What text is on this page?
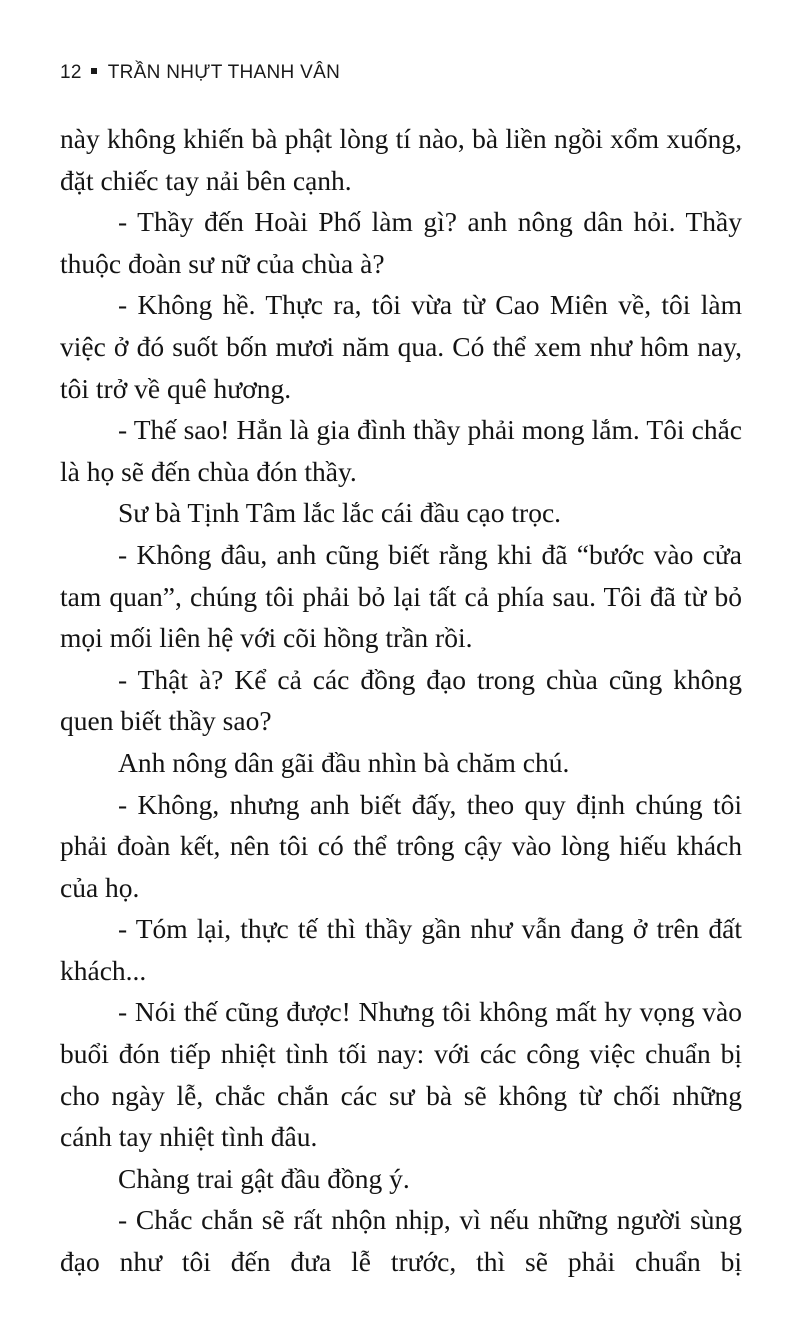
12 TRẦN NHỰT THANH VÂN

này không khiến bà phật lòng tí nào, bà liền ngồi xổm xuống, đặt chiếc tay nải bên cạnh.

- Thầy đến Hoài Phố làm gì? anh nông dân hỏi. Thầy thuộc đoàn sư nữ của chùa à?

- Không hề. Thực ra, tôi vừa từ Cao Miên về, tôi làm việc ở đó suốt bốn mươi năm qua. Có thể xem như hôm nay, tôi trở về quê hương.

- Thế sao! Hẳn là gia đình thầy phải mong lắm. Tôi chắc là họ sẽ đến chùa đón thầy.

Sư bà Tịnh Tâm lắc lắc cái đầu cạo trọc.

- Không đâu, anh cũng biết rằng khi đã “bước vào cửa tam quan”, chúng tôi phải bỏ lại tất cả phía sau. Tôi đã từ bỏ mọi mối liên hệ với cõi hồng trần rồi.

- Thật à? Kể cả các đồng đạo trong chùa cũng không quen biết thầy sao?

Anh nông dân gãi đầu nhìn bà chăm chú.

- Không, nhưng anh biết đấy, theo quy định chúng tôi phải đoàn kết, nên tôi có thể trông cậy vào lòng hiếu khách của họ.

- Tóm lại, thực tế thì thầy gần như vẫn đang ở trên đất khách...

- Nói thế cũng được! Nhưng tôi không mất hy vọng vào buổi đón tiếp nhiệt tình tối nay: với các công việc chuẩn bị cho ngày lễ, chắc chắn các sư bà sẽ không từ chối những cánh tay nhiệt tình đâu.

Chàng trai gật đầu đồng ý.

- Chắc chắn sẽ rất nhộn nhịp, vì nếu những người sùng đạo như tôi đến đưa lễ trước, thì sẽ phải chuẩn bị
